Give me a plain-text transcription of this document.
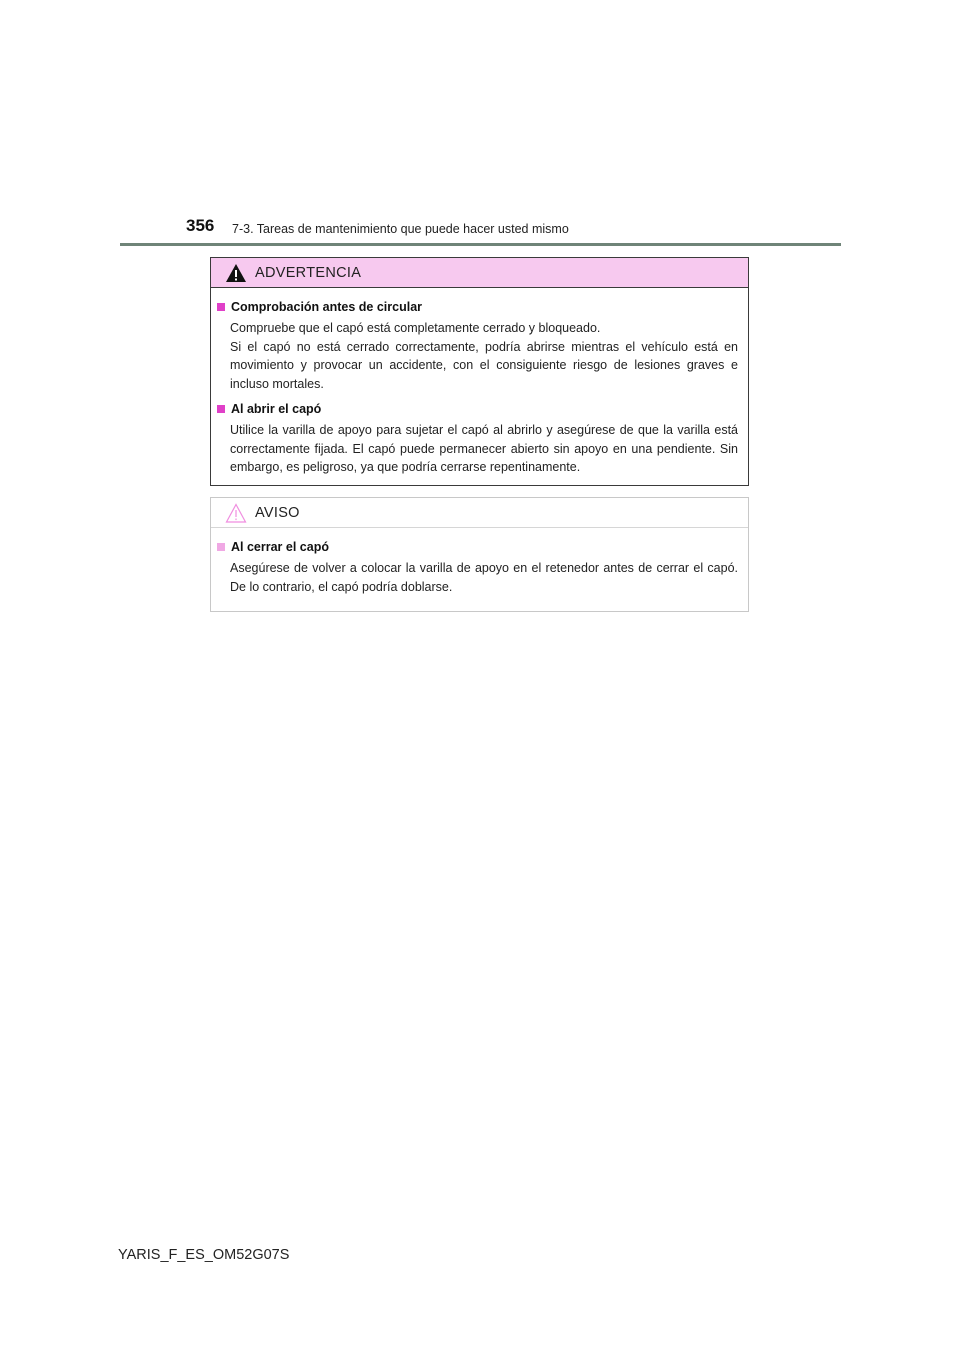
356 7-3. Tareas de mantenimiento que puede hacer usted mismo
ADVERTENCIA
Comprobación antes de circular

Compruebe que el capó está completamente cerrado y bloqueado.

Si el capó no está cerrado correctamente, podría abrirse mientras el vehículo está en movimiento y provocar un accidente, con el consiguiente riesgo de lesiones graves e incluso mortales.

Al abrir el capó

Utilice la varilla de apoyo para sujetar el capó al abrirlo y asegúrese de que la varilla está correctamente fijada. El capó puede permanecer abierto sin apoyo en una pendiente. Sin embargo, es peligroso, ya que podría cerrarse repentinamente.

AVISO
Al cerrar el capó

Asegúrese de volver a colocar la varilla de apoyo en el retenedor antes de cerrar el capó. De lo contrario, el capó podría doblarse.

YARIS_F_ES_OM52G07S
